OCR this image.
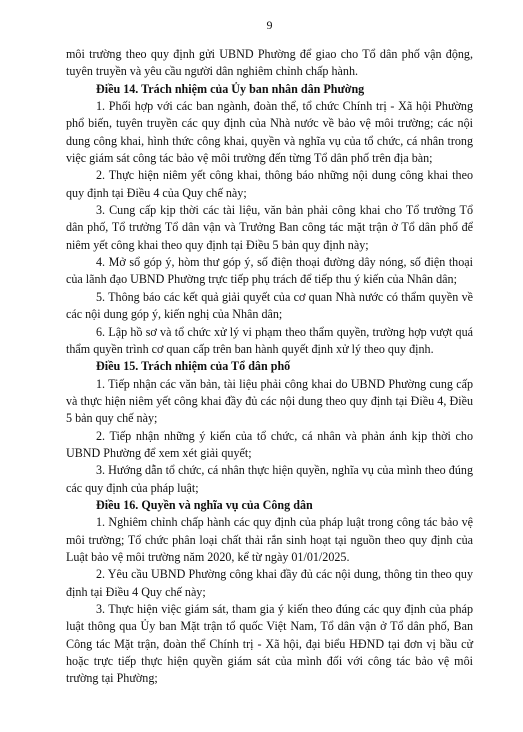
9

môi trường theo quy định gửi UBND Phường để giao cho Tổ dân phố vận động, tuyên truyền và yêu cầu người dân nghiêm chỉnh chấp hành.

Điều 14. Trách nhiệm của Ủy ban nhân dân Phường

1. Phối hợp với các ban ngành, đoàn thể, tổ chức Chính trị - Xã hội Phường phổ biến, tuyên truyền các quy định của Nhà nước về bảo vệ môi trường; các nội dung công khai, hình thức công khai, quyền và nghĩa vụ của tổ chức, cá nhân trong việc giám sát công tác bảo vệ môi trường đến từng Tổ dân phố trên địa bàn;

2. Thực hiện niêm yết công khai, thông báo những nội dung công khai theo quy định tại Điều 4 của Quy chế này;

3. Cung cấp kịp thời các tài liệu, văn bản phải công khai cho Tổ trưởng Tổ dân phố, Tổ trưởng Tổ dân vận và Trưởng Ban công tác mặt trận ở Tổ dân phố để niêm yết công khai theo quy định tại Điều 5 bản quy định này;

4. Mở sổ góp ý, hòm thư góp ý, số điện thoại đường dây nóng, số điện thoại của lãnh đạo UBND Phường trực tiếp phụ trách để tiếp thu ý kiến của Nhân dân;

5. Thông báo các kết quả giải quyết của cơ quan Nhà nước có thẩm quyền về các nội dung góp ý, kiến nghị của Nhân dân;

6. Lập hồ sơ và tổ chức xử lý vi phạm theo thẩm quyền, trường hợp vượt quá thẩm quyền trình cơ quan cấp trên ban hành quyết định xử lý theo quy định.

Điều 15. Trách nhiệm của Tổ dân phố

1. Tiếp nhận các văn bản, tài liệu phải công khai do UBND Phường cung cấp và thực hiện niêm yết công khai đầy đủ các nội dung theo quy định tại Điều 4, Điều 5 bản quy chế này;

2. Tiếp nhận những ý kiến của tổ chức, cá nhân và phản ánh kịp thời cho UBND Phường để xem xét giải quyết;

3. Hướng dẫn tổ chức, cá nhân thực hiện quyền, nghĩa vụ của mình theo đúng các quy định của pháp luật;

Điều 16. Quyền và nghĩa vụ của Công dân

1. Nghiêm chỉnh chấp hành các quy định của pháp luật trong công tác bảo vệ môi trường; Tổ chức phân loại chất thải rắn sinh hoạt tại nguồn theo quy định của Luật bảo vệ môi trường năm 2020, kể từ ngày 01/01/2025.

2. Yêu cầu UBND Phường công khai đầy đủ các nội dung, thông tin theo quy định tại Điều 4 Quy chế này;

3. Thực hiện việc giám sát, tham gia ý kiến theo đúng các quy định của pháp luật thông qua Ủy ban Mặt trận tổ quốc Việt Nam, Tổ dân vận ở Tổ dân phố, Ban Công tác Mặt trận, đoàn thể Chính trị - Xã hội, đại biểu HĐND tại đơn vị bầu cử hoặc trực tiếp thực hiện quyền giám sát của mình đối với công tác bảo vệ môi trường tại Phường;
